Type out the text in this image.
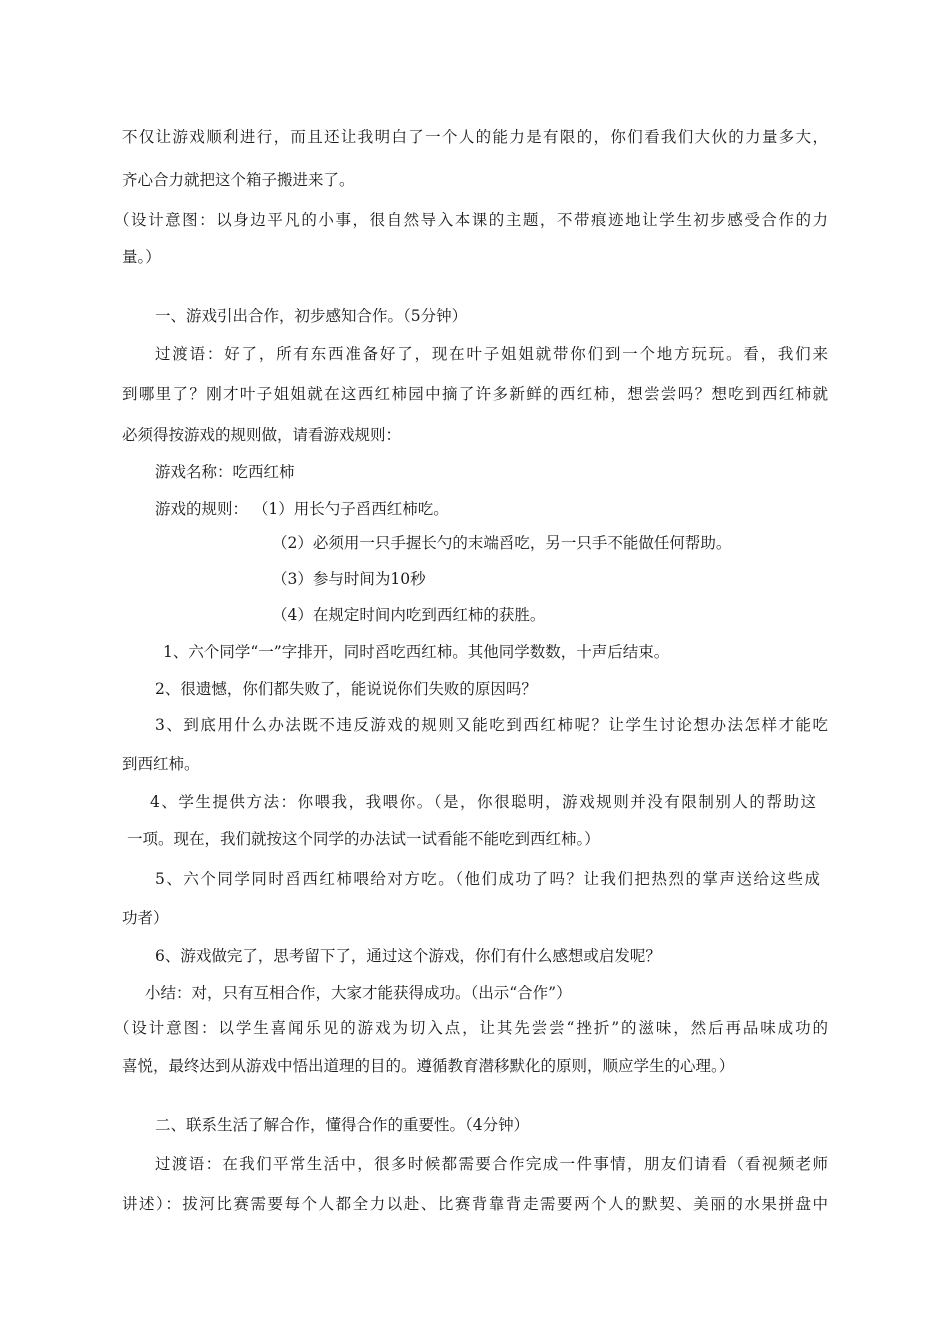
不仅让游戏顺利进行，而且还让我明白了一个人的能力是有限的，你们看我们大伙的力量多大，
齐心合力就把这个箱子搬进来了。
（设计意图：以身边平凡的小事，很自然导入本课的主题，不带痕迹地让学生初步感受合作的力
量。）
一、游戏引出合作，初步感知合作。（5分钟）
过渡语：好了，所有东西准备好了，现在叶子姐姐就带你们到一个地方玩玩。看，我们来
到哪里了？刚才叶子姐姐就在这西红柿园中摘了许多新鲜的西红柿，想尝尝吗？想吃到西红柿就
必须得按游戏的规则做，请看游戏规则：
游戏名称：吃西红柿
游戏的规则： （1）用长勺子舀西红柿吃。
（2）必须用一只手握长勺的末端舀吃，另一只手不能做任何帮助。
（3）参与时间为10秒
（4）在规定时间内吃到西红柿的获胜。
1、六个同学“一”字排开，同时舀吃西红柿。其他同学数数，十声后结束。
2、很遗憾，你们都失败了，能说说你们失败的原因吗？
3、到底用什么办法既不违反游戏的规则又能吃到西红柿呢？让学生讨论想办法怎样才能吃
到西红柿。
4、学生提供方法：你喂我，我喂你。（是，你很聪明，游戏规则并没有限制别人的帮助这
一项。现在，我们就按这个同学的办法试一试看能不能吃到西红柿。）
5、六个同学同时舀西红柿喂给对方吃。（他们成功了吗？让我们把热烈的掌声送给这些成
功者）
6、游戏做完了，思考留下了，通过这个游戏，你们有什么感想或启发呢？
小结：对，只有互相合作，大家才能获得成功。（出示“合作”）
（设计意图：以学生喜闻乐见的游戏为切入点，让其先尝尝“挫折”的滋味，然后再品味成功的
喜悦，最终达到从游戏中悟出道理的目的。遵循教育潜移默化的原则，顺应学生的心理。）
二、联系生活了解合作，懂得合作的重要性。（4分钟）
过渡语：在我们平常生活中，很多时候都需要合作完成一件事情，朋友们请看（看视频老师
讲述）：拔河比赛需要每个人都全力以赴、比赛背靠背走需要两个人的默契、美丽的水果拼盘中
